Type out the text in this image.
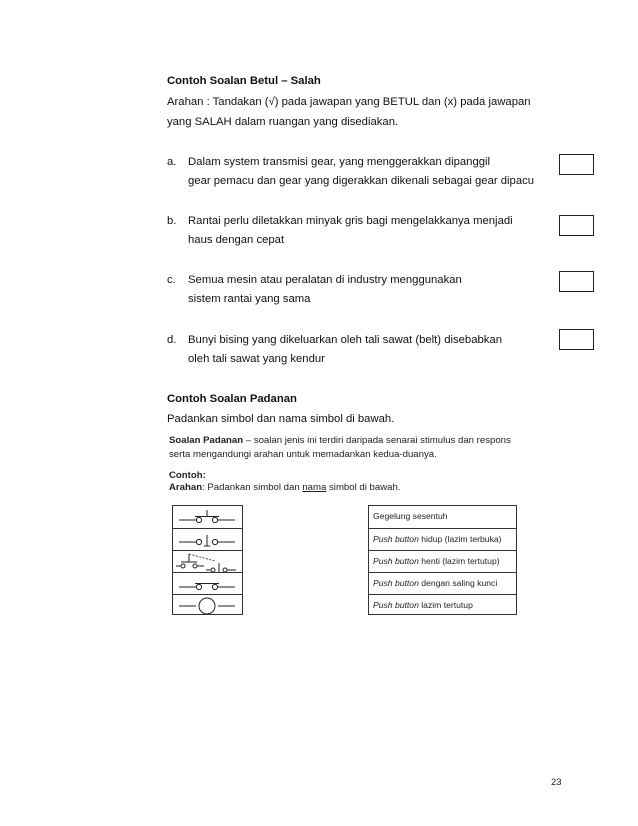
Contoh Soalan Betul – Salah
Arahan : Tandakan (√) pada jawapan yang BETUL dan (x) pada jawapan
yang SALAH dalam ruangan yang disediakan.
a. Dalam system transmisi gear, yang menggerakkan dipanggil
gear pemacu dan gear yang digerakkan dikenali sebagai gear dipacu
b. Rantai perlu diletakkan minyak gris bagi mengelakkanya menjadi
haus dengan cepat
c. Semua mesin atau peralatan di industry menggunakan
sistem rantai yang sama
d. Bunyi bising yang dikeluarkan oleh tali sawat (belt) disebabkan
oleh tali sawat yang kendur
Contoh Soalan Padanan
Padankan simbol dan nama simbol di bawah.
Soalan Padanan – soalan jenis ini terdiri daripada senarai stimulus dan respons
serta mengandungi arahan untuk memadankan kedua-duanya.
Contoh:
Arahan: Padankan simbol dan nama simbol di bawah.
Gegelung sesentuh
Push button hidup (lazim terbuka)
Push button henti (lazim tertutup)
Push button dengan saling kunci
Push button lazim tertutup
23
